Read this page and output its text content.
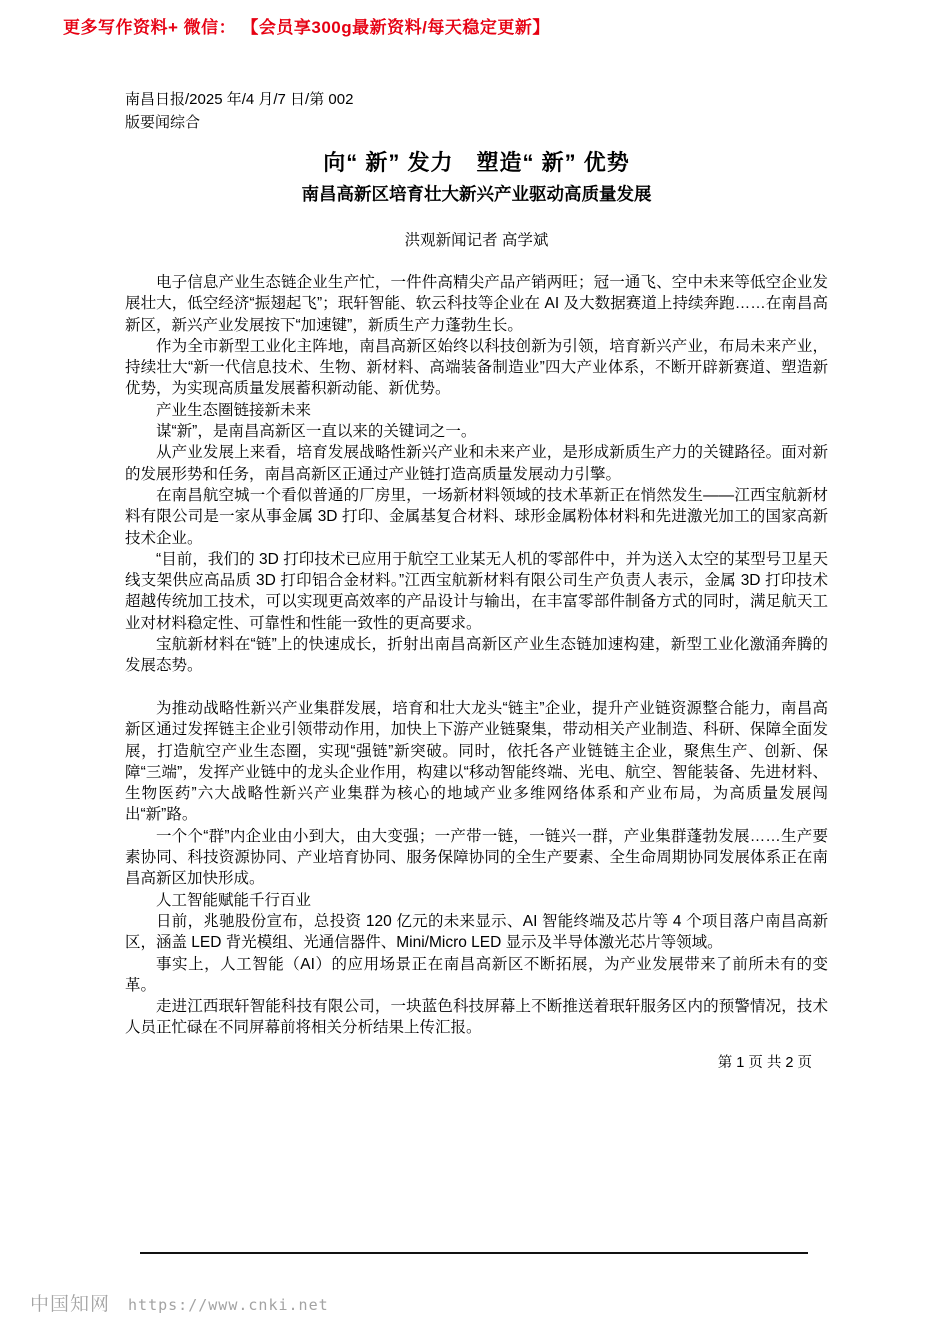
更多写作资料+ 微信： 【会员享300g最新资料/每天稳定更新】
南昌日报/2025 年/4 月/7 日/第 002
版要闻综合
向“ 新” 发力　塑造“ 新” 优势
南昌高新区培育壮大新兴产业驱动高质量发展
洪观新闻记者 高学斌

电子信息产业生态链企业生产忙，一件件高精尖产品产销两旺；冠一通飞、空中未来等低空企业发展壮大，低空经济“振翅起飞”；珉轩智能、软云科技等企业在 AI 及大数据赛道上持续奔跑……在南昌高新区，新兴产业发展按下“加速键”，新质生产力蓬勃生长。

作为全市新型工业化主阵地，南昌高新区始终以科技创新为引领，培育新兴产业，布局未来产业，持续壮大“新一代信息技术、生物、新材料、高端装备制造业”四大产业体系，不断开辟新赛道、塑造新优势，为实现高质量发展蓄积新动能、新优势。

产业生态圈链接新未来

谋“新”，是南昌高新区一直以来的关键词之一。

从产业发展上来看，培育发展战略性新兴产业和未来产业，是形成新质生产力的关键路径。面对新的发展形势和任务，南昌高新区正通过产业链打造高质量发展动力引擎。

在南昌航空城一个看似普通的厂房里，一场新材料领域的技术革新正在悄然发生——江西宝航新材料有限公司是一家从事金属 3D 打印、金属基复合材料、球形金属粉体材料和先进激光加工的国家高新技术企业。

“目前，我们的 3D 打印技术已应用于航空工业某无人机的零部件中，并为送入太空的某型号卫星天线支架供应高品质 3D 打印铝合金材料。”江西宝航新材料有限公司生产负责人表示，金属 3D 打印技术超越传统加工技术，可以实现更高效率的产品设计与输出，在丰富零部件制备方式的同时，满足航天工业对材料稳定性、可靠性和性能一致性的更高要求。

宝航新材料在“链”上的快速成长，折射出南昌高新区产业生态链加速构建，新型工业化激涌奔腾的发展态势。

为推动战略性新兴产业集群发展，培育和壮大龙头“链主”企业，提升产业链资源整合能力，南昌高新区通过发挥链主企业引领带动作用，加快上下游产业链聚集，带动相关产业制造、科研、保障全面发展，打造航空产业生态圈，实现“强链”新突破。同时，依托各产业链链主企业，聚焦生产、创新、保障“三端”，发挥产业链中的龙头企业作用，构建以“移动智能终端、光电、航空、智能装备、先进材料、生物医药”六大战略性新兴产业集群为核心的地域产业多维网络体系和产业布局，为高质量发展闯出“新”路。

一个个“群”内企业由小到大，由大变强；一产带一链，一链兴一群，产业集群蓬勃发展……生产要素协同、科技资源协同、产业培育协同、服务保障协同的全生产要素、全生命周期协同发展体系正在南昌高新区加快形成。

人工智能赋能千行百业

日前，兆驰股份宣布，总投资 120 亿元的未来显示、AI 智能终端及芯片等 4 个项目落户南昌高新区，涵盖 LED 背光模组、光通信器件、Mini/Micro LED 显示及半导体激光芯片等领域。

事实上，人工智能（AI）的应用场景正在南昌高新区不断拓展，为产业发展带来了前所未有的变革。

走进江西珉轩智能科技有限公司，一块蓝色科技屏幕上不断推送着珉轩服务区内的预警情况，技术人员正忙碌在不同屏幕前将相关分析结果上传汇报。

第 1 页 共 2 页
中国知网 https://www.cnki.net
